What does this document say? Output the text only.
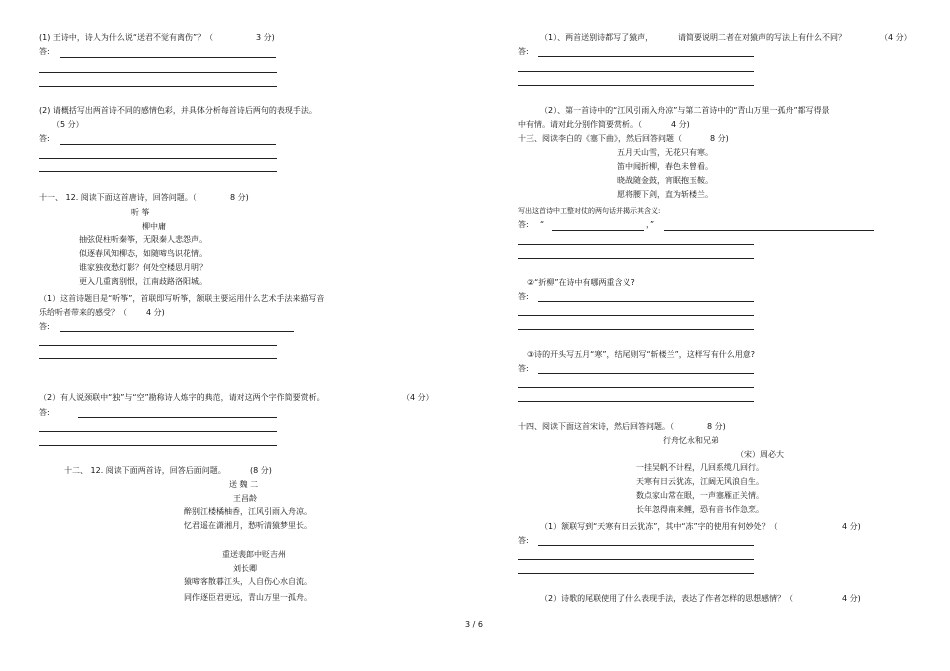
(1) 王诗中，诗人为什么说“送君不觉有离伤”？（	3 分)
答:
(2) 请概括写出两首诗不同的感情色彩，并具体分析每首诗后两句的表现手法。
（5 分）
答:
十一、 12. 阅读下面这首唐诗，回答问题。（	8 分)
听 筝
柳中庸
抽弦促柱听秦筝，无限秦人悲怨声。
似逐春风知柳态，如随啼鸟识花情。
谁家独夜愁灯影？何处空楼思月明？
更入几重离别恨，江南歧路洛阳城。
（1）这首诗题目是“听筝”，首联即写听筝，颔联主要运用什么艺术手法来描写音
乐给听者带来的感受？（ 4 分)
答:
（2）有人说颈联中“独”与“空”勘称诗人炼字的典范，请对这两个字作简要赏析。	（4 分）
答:
十二、 12. 阅读下面两首诗，回答后面问题。	(8 分)
送 魏 二
王昌龄
醉别江楼橘柚香，江风引雨入舟凉。
忆君遥在潇湘月，愁听清猿梦里长。
重送裴郎中贬吉州
刘长卿
猿啼客散暮江头，人自伤心水自流。
同作逐臣君更远，青山万里一孤舟。
（1）、两首送别诗都写了猿声，	请简要说明二者在对猿声的写法上有什么不同？	（4 分）
答:
（2）、第一首诗中的“江风引雨入舟凉”与第二首诗中的“青山万里一孤舟”都写得景
中有情。请对此分别作简要赏析。（	4 分)
十三、阅读李白的《塞下曲》，然后回答问题（	8 分)
五月天山雪，无花只有寒。
笛中闻折柳，春色未曾看。
晓战随金鼓，宵眠抱玉鞍。
愿将腰下剑，直为斩楼兰。
写出这首诗中工整对仗的两句话并揭示其含义:
答: “	，”
②“折柳”在诗中有哪两重含义?
答:
③诗的开头写五月“寒”，结尾则写“斩楼兰”，这样写有什么用意?
答:
十四、阅读下面这首宋诗，然后回答问题。（	8 分)
行舟忆永和兄弟
（宋）周必大
一挂吴帆不计程，几回系缆几回行。
天寒有日云犹冻，江阔无风浪自生。
数点家山常在眼，一声塞雁正关情。
长年忽得南来鲤，恐有音书作急烹。
（1）颔联写到“天寒有日云犹冻”，其中“冻”字的使用有何妙处？（	4 分)
答:
（2）诗歌的尾联使用了什么表现手法，表达了作者怎样的思想感情？（	4 分)
3 / 6
